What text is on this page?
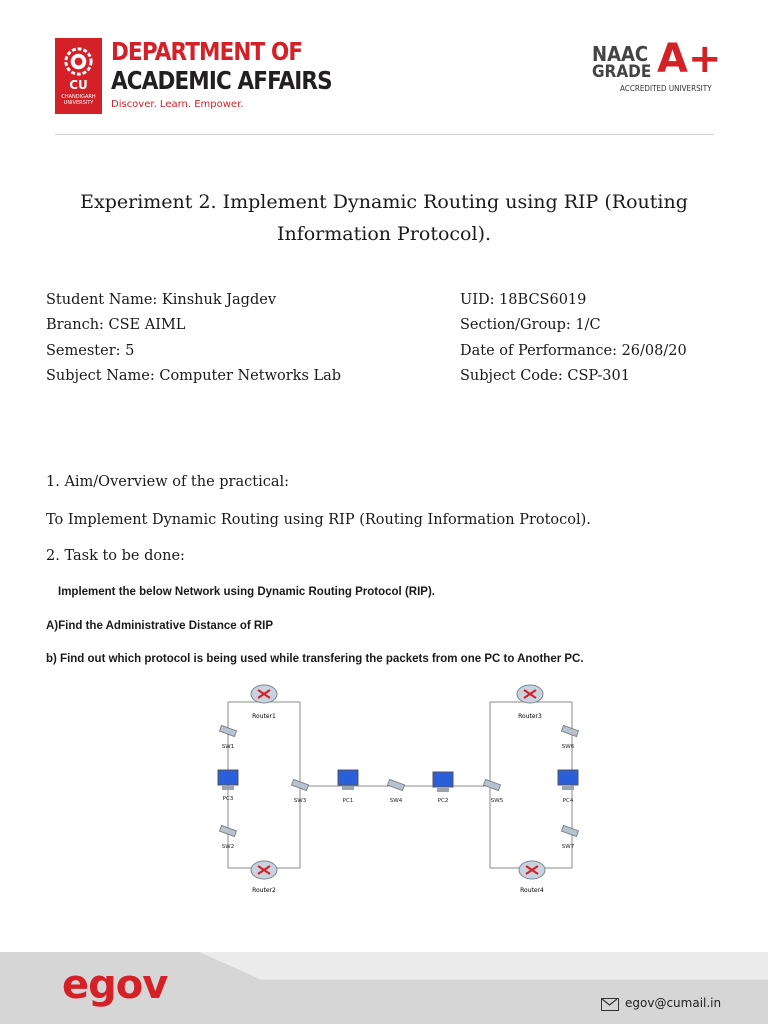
CU
CHANDIGARH UNIVERSITY
DEPARTMENT OF
ACADEMIC AFFAIRS
Discover. Learn. Empower.
NAAC
GRADE A+
ACCREDITED UNIVERSITY
Experiment 2. Implement Dynamic Routing using RIP (Routing
Information Protocol).
Student Name: Kinshuk Jagdev	UID: 18BCS6019
Branch: CSE AIML	Section/Group: 1/C
Semester: 5	Date of Performance: 26/08/20
Subject Name: Computer Networks Lab	Subject Code: CSP-301
1. Aim/Overview of the practical:
To Implement Dynamic Routing using RIP (Routing Information Protocol).
2. Task to be done:
Implement the below Network using Dynamic Routing Protocol (RIP).
A)Find the Administrative Distance of RIP
b) Find out which protocol is being used while transfering the packets from one PC to Another PC.
Router1
Router2
Router3
Router4
SW1
SW2
SW3	SW4	SW5
SW6
SW7
PC3	PC1	PC2	PC4
egov	egov@cumail.in
